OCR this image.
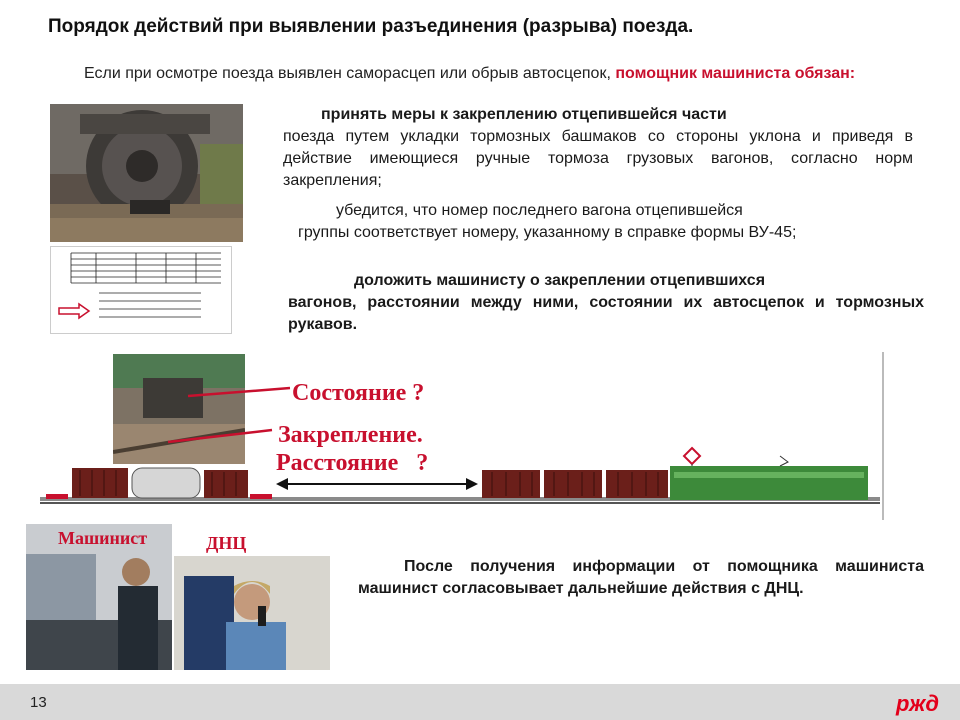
Порядок действий при выявлении разъединения (разрыва) поезда.
Если при осмотре поезда выявлен саморасцеп или обрыв автосцепок, помощник машиниста обязан:
принять меры к закреплению отцепившейся части
поезда путем укладки тормозных башмаков со стороны уклона и приведя в действие имеющиеся ручные тормоза грузовых вагонов, согласно норм закрепления;
убедится, что номер последнего вагона отцепившейся
группы соответствует номеру, указанному в справке формы ВУ-45;
доложить машинисту о закреплении отцепившихся
вагонов, расстоянии между ними, состоянии их автосцепок и тормозных рукавов.
Состояние ?
Закрепление.
Расстояние   ?
Машинист	ДНЦ
После получения информации от помощника машиниста машинист согласовывает дальнейшие действия с ДНЦ.
13	ржд
